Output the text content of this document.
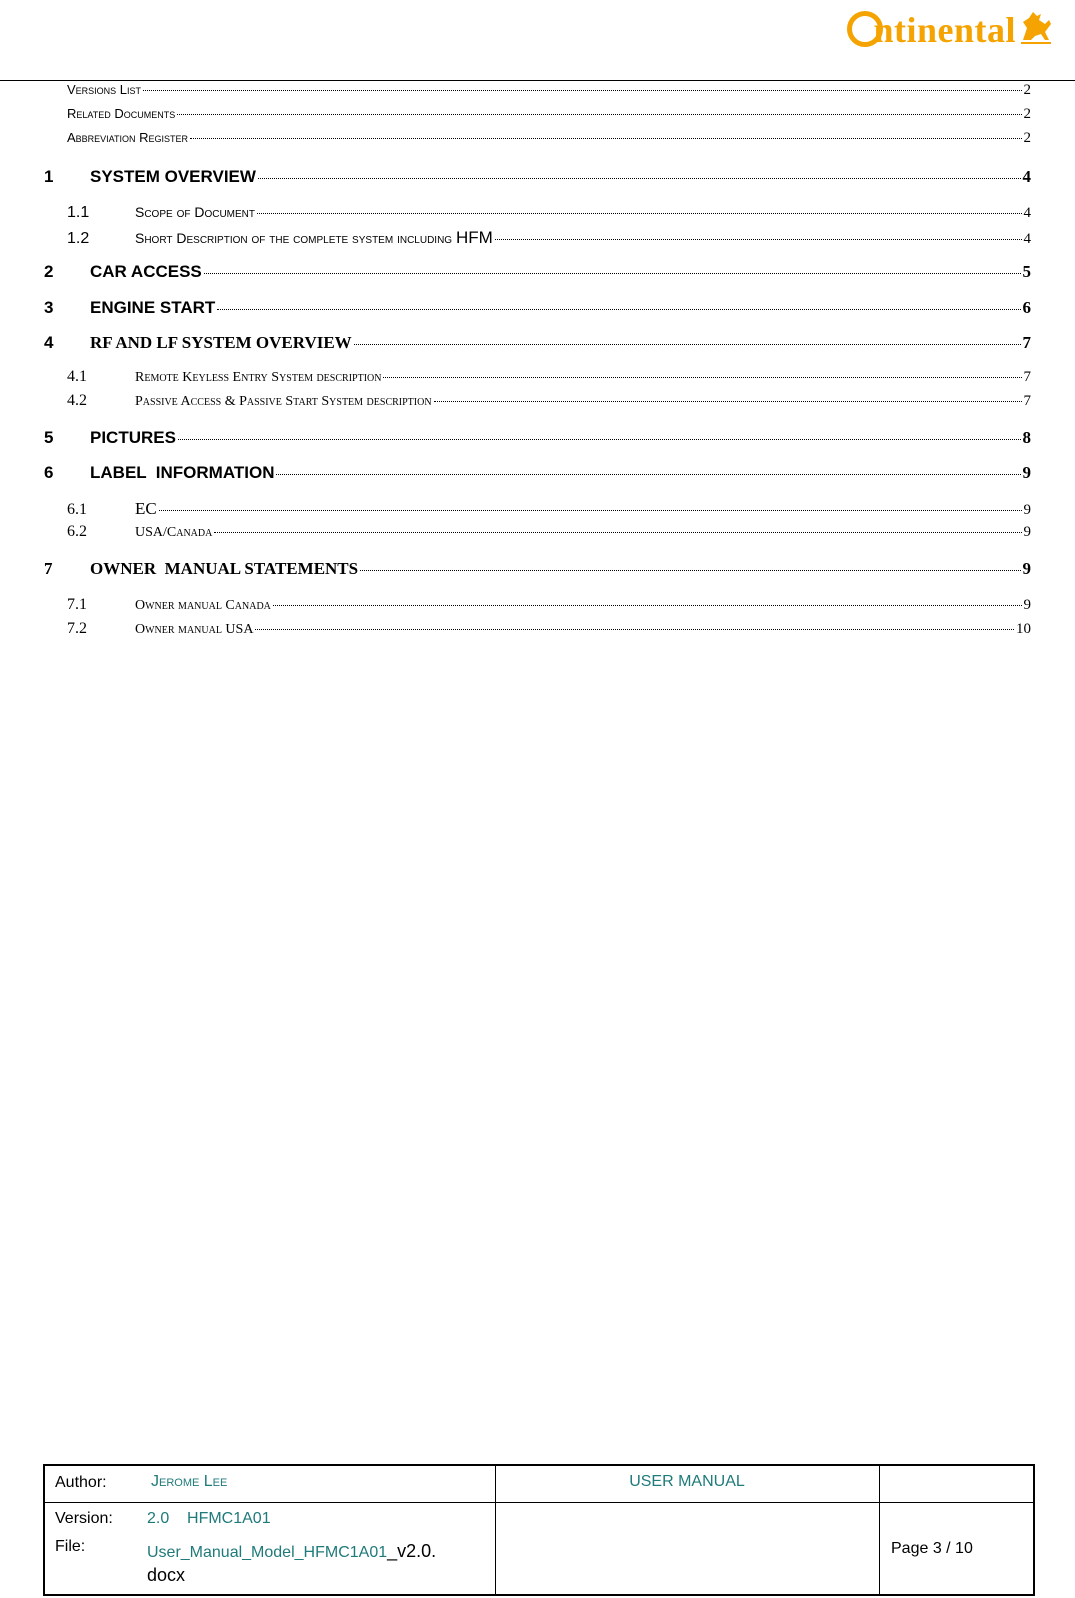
ntinental
Versions List	2
Related Documents	2
Abbreviation Register	2
1	SYSTEM OVERVIEW	4
1.1	Scope of Document	4
1.2	Short Description of the complete system including
HFM	4
2	CAR ACCESS	5
3	ENGINE START	6
4	RF AND LF SYSTEM OVERVIEW	7
4.1	Remote Keyless Entry System description	7
4.2	Passive Access & Passive Start System description	7
5	PICTURES	8
6	LABEL  INFORMATION	9
6.1	EC	9
6.2	USA/Canada	9
7	OWNER  MANUAL STATEMENTS	9
7.1	Owner manual Canada	9
7.2	Owner manual USA	10
Author:	Jerome Lee	USER MANUAL
Version: 2.0    HFMC1A01
File:	User_Manual_Model_HFMC1A01_v2.0.
docx
Page 3 / 10
